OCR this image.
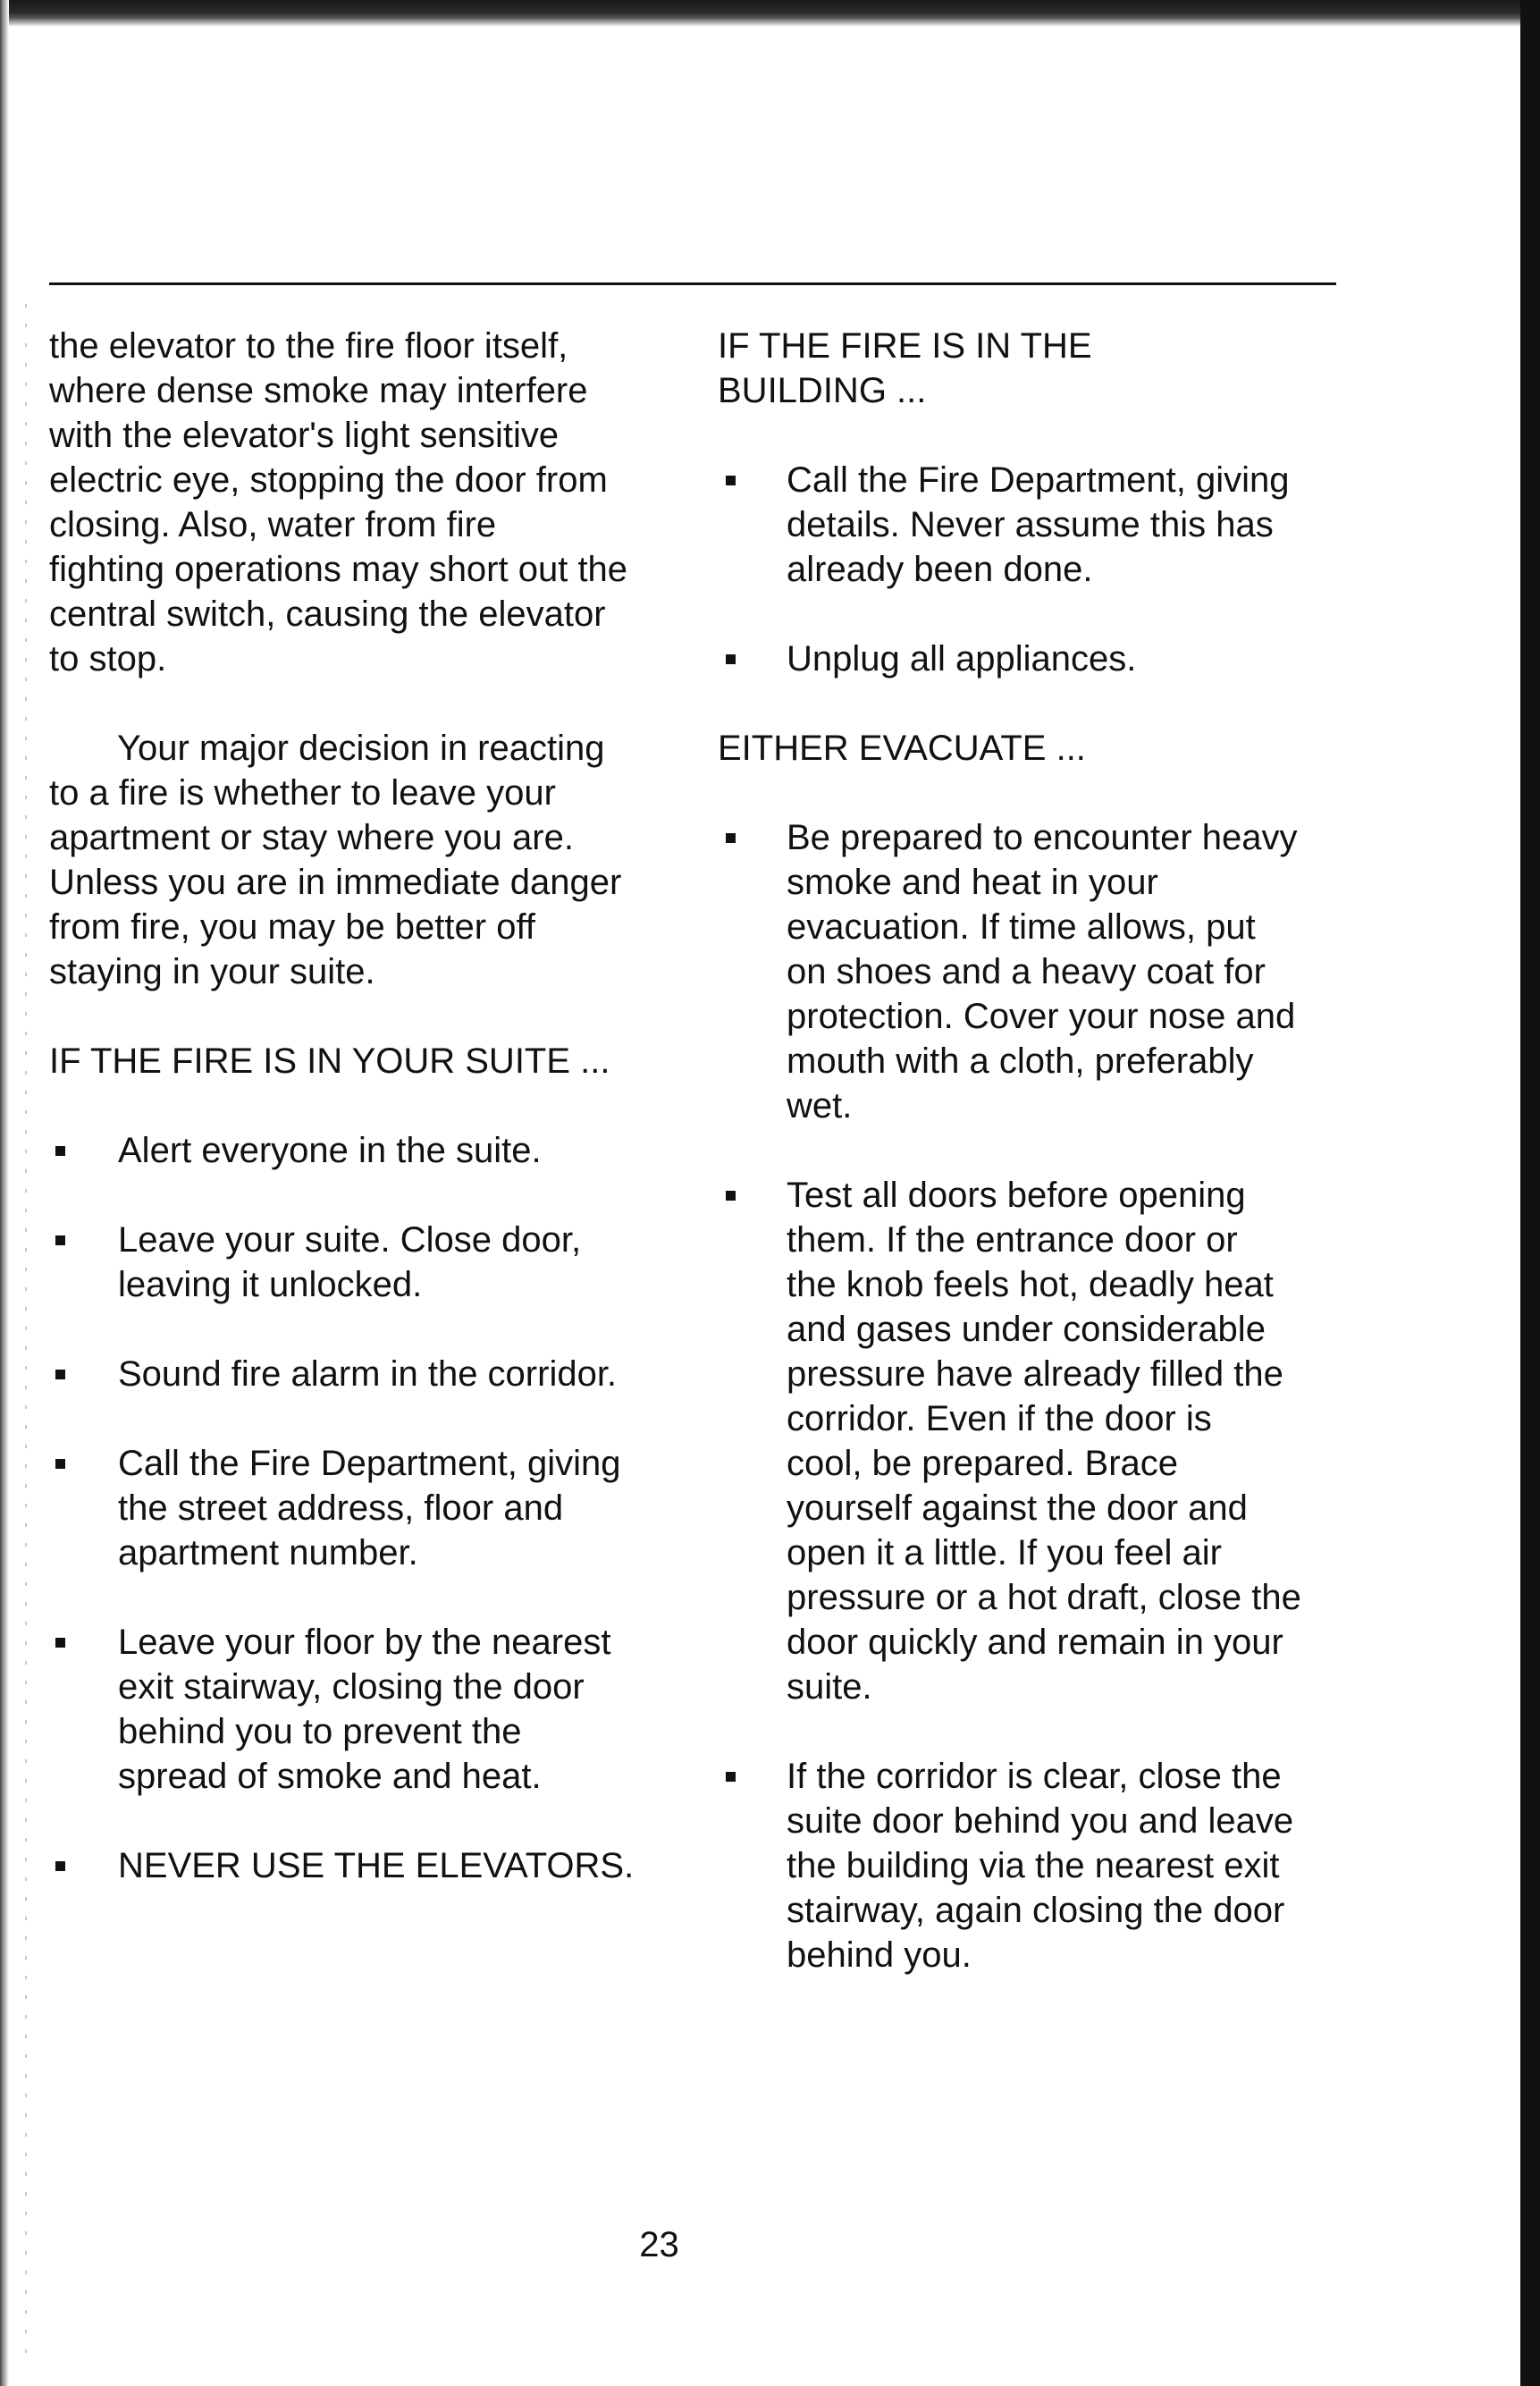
the elevator to the fire floor itself,
where dense smoke may interfere
with the elevator's light sensitive
electric eye, stopping the door from
closing. Also, water from fire
fighting operations may short out the
central switch, causing the elevator
to stop.

Your major decision in reacting
to a fire is whether to leave your
apartment or stay where you are.
Unless you are in immediate danger
from fire, you may be better off
staying in your suite.

IF THE FIRE IS IN YOUR SUITE ...

Alert everyone in the suite.
Leave your suite. Close door,
leaving it unlocked.
Sound fire alarm in the corridor.
Call the Fire Department, giving
the street address, floor and
apartment number.
Leave your floor by the nearest
exit stairway, closing the door
behind you to prevent the
spread of smoke and heat.
NEVER USE THE ELEVATORS.

IF THE FIRE IS IN THE
BUILDING ...

Call the Fire Department, giving
details. Never assume this has
already been done.
Unplug all appliances.

EITHER EVACUATE ...

Be prepared to encounter heavy
smoke and heat in your
evacuation. If time allows, put
on shoes and a heavy coat for
protection. Cover your nose and
mouth with a cloth, preferably
wet.
Test all doors before opening
them. If the entrance door or
the knob feels hot, deadly heat
and gases under considerable
pressure have already filled the
corridor. Even if the door is
cool, be prepared. Brace
yourself against the door and
open it a little. If you feel air
pressure or a hot draft, close the
door quickly and remain in your
suite.
If the corridor is clear, close the
suite door behind you and leave
the building via the nearest exit
stairway, again closing the door
behind you.
23
